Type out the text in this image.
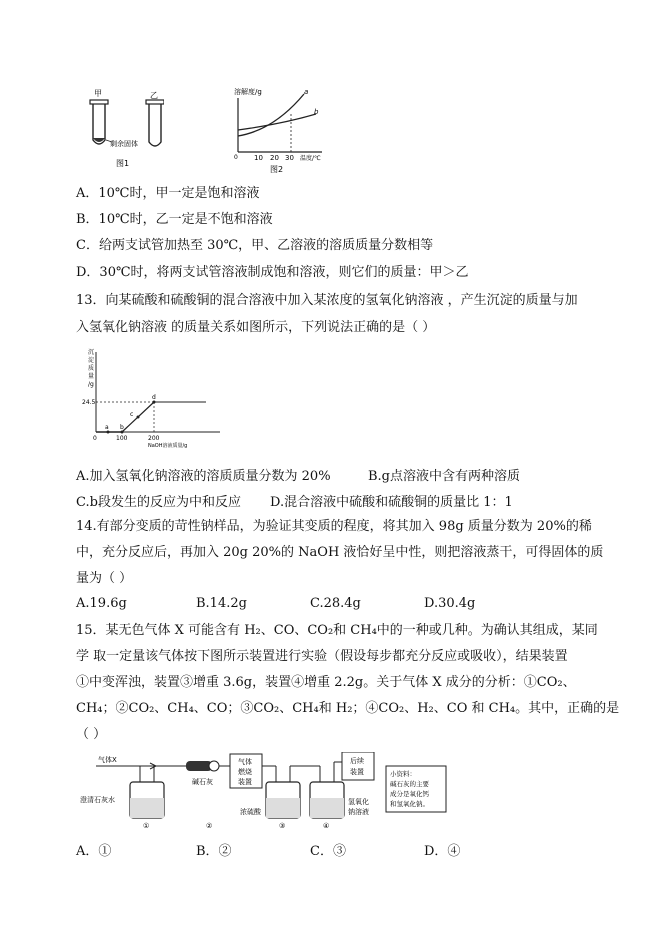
甲	乙
剩余固体
图1
溶解度/g	a
b
0 10 20 30 温度/℃
图2
A．10℃时，甲一定是饱和溶液
B．10℃时，乙一定是不饱和溶液
C．给两支试管加热至 30℃，甲、乙溶液的溶质质量分数相等
D．30℃时，将两支试管溶液制成饱和溶液，则它们的质量：甲＞乙
13．向某硫酸和硫酸铜的混合溶液中加入某浓度的氢氧化钠溶液 ，产生沉淀的质量与加
入氢氧化钠溶液 的质量关系如图所示，下列说法正确的是（ ）
沉
淀
质
量
/g
24.5
a b
c
d
0	100	200
NaOH溶液质量/g
A.加入氢氧化钠溶液的溶质质量分数为 20%	B.g点溶液中含有两种溶质
C.b段发生的反应为中和反应 D.混合溶液中硫酸和硫酸铜的质量比 1：1
14.有部分变质的苛性钠样品，为验证其变质的程度，将其加入 98g 质量分数为 20%的稀
中，充分反应后，再加入 20g 20%的 NaOH 液恰好呈中性，则把溶液蒸干，可得固体的质
量为（ ）
A.19.6g	B.14.2g	C.28.4g	D.30.4g
15．某无色气体 X 可能含有 H₂、CO、CO₂和 CH₄中的一种或几种。为确认其组成，某同
学 取一定量该气体按下图所示装置进行实验（假设每步都充分反应或吸收），结果装置
①中变浑浊，装置③增重 3.6g，装置④增重 2.2g。关于气体 X 成分的分析：①CO₂、
CH₄；②CO₂、CH₄、CO；③CO₂、CH₄和 H₂；④CO₂、H₂、CO 和 CH₄。其中，正确的是
（ ）
气体X
澄清石灰水
①
碱石灰
②
气体
燃烧
装置
浓硫酸
③
氢氧化
钠溶液
④
后续
装置	小资料：
碱石灰的主要
成分是氧化钙
和氢氧化钠。
A．①	B．②	C．③	D．④
